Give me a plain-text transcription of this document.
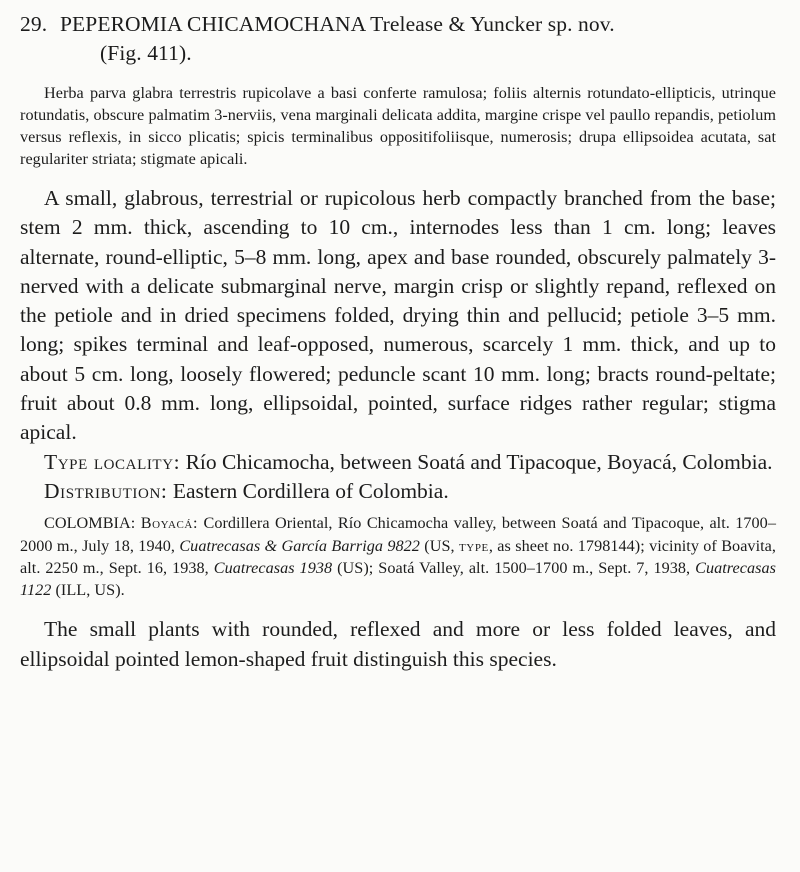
29. PEPEROMIA CHICAMOCHANA Trelease & Yuncker sp. nov.
(Fig. 411).

Herba parva glabra terrestris rupicolave a basi conferte ramulosa; foliis alternis rotundato-ellipticis, utrinque rotundatis, obscure palmatim 3-nerviis, vena marginali delicata addita, margine crispe vel paullo repandis, petiolum versus reflexis, in sicco plicatis; spicis terminalibus oppositifoliisque, numerosis; drupa ellipsoidea acutata, sat regulariter striata; stigmate apicali.

A small, glabrous, terrestrial or rupicolous herb compactly branched from the base; stem 2 mm. thick, ascending to 10 cm., internodes less than 1 cm. long; leaves alternate, round-elliptic, 5–8 mm. long, apex and base rounded, obscurely palmately 3-nerved with a delicate submarginal nerve, margin crisp or slightly repand, reflexed on the petiole and in dried specimens folded, drying thin and pellucid; petiole 3–5 mm. long; spikes terminal and leaf-opposed, numerous, scarcely 1 mm. thick, and up to about 5 cm. long, loosely flowered; peduncle scant 10 mm. long; bracts round-peltate; fruit about 0.8 mm. long, ellipsoidal, pointed, surface ridges rather regular; stigma apical.

Type locality: Río Chicamocha, between Soatá and Tipacoque, Boyacá, Colombia.

Distribution: Eastern Cordillera of Colombia.

COLOMBIA: Boyacá: Cordillera Oriental, Río Chicamocha valley, between Soatá and Tipacoque, alt. 1700–2000 m., July 18, 1940, Cuatrecasas & García Barriga 9822 (US, type, as sheet no. 1798144); vicinity of Boavita, alt. 2250 m., Sept. 16, 1938, Cuatrecasas 1938 (US); Soatá Valley, alt. 1500–1700 m., Sept. 7, 1938, Cuatrecasas 1122 (ILL, US).

The small plants with rounded, reflexed and more or less folded leaves, and ellipsoidal pointed lemon-shaped fruit distinguish this species.
